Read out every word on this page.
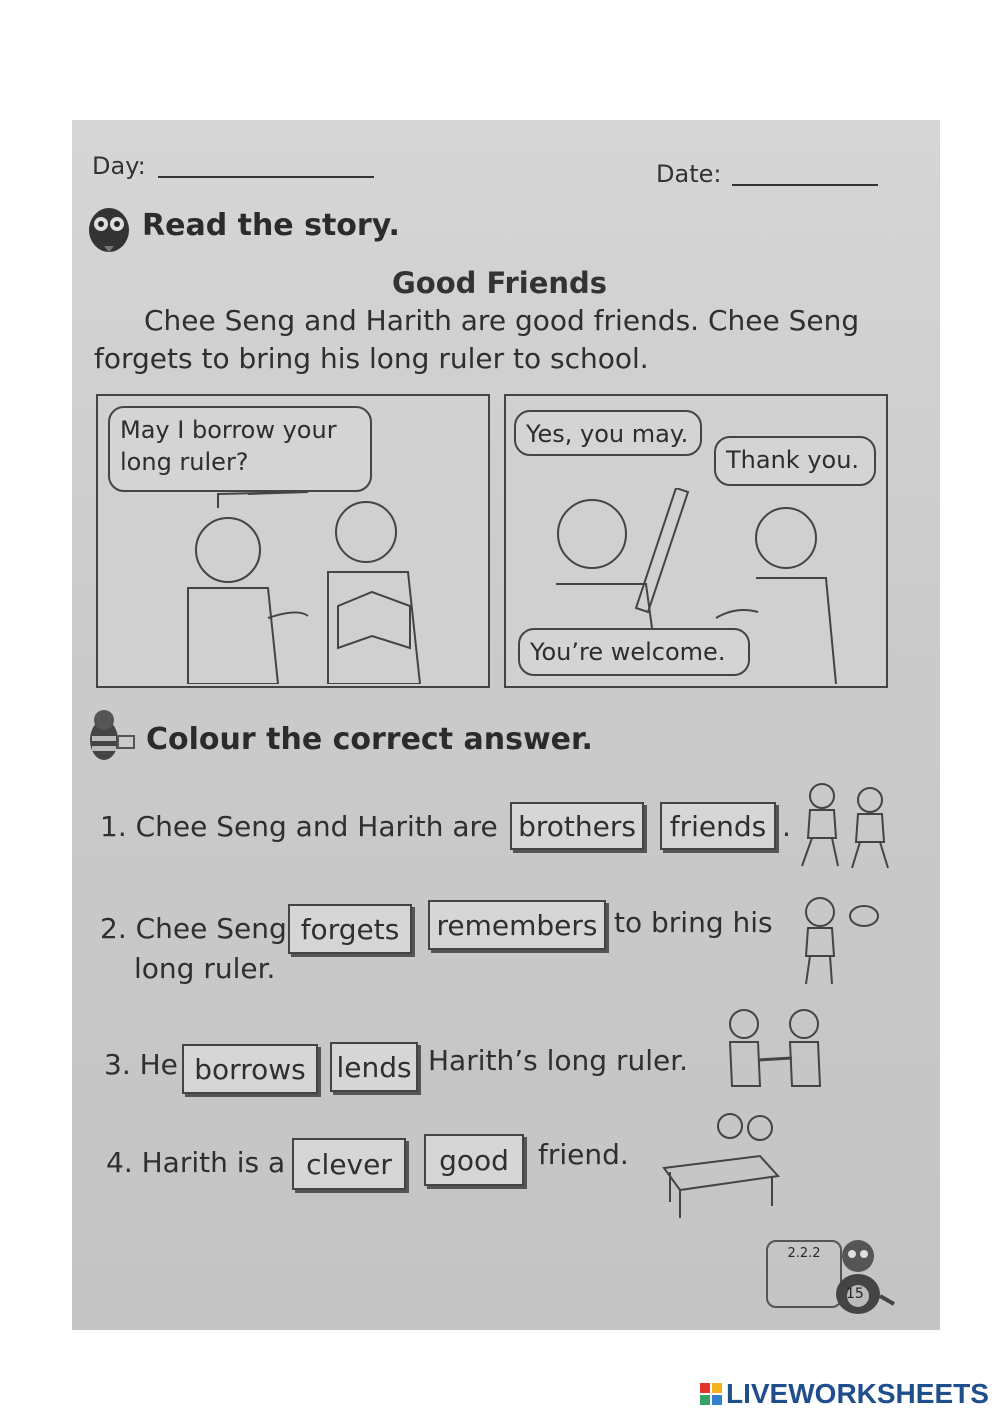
Day:	Date:
Read the story.
Good Friends
Chee Seng and Harith are good friends. Chee Seng
forgets to bring his long ruler to school.
May I borrow your
long ruler?
Yes, you may.
Thank you.
You’re welcome.
Colour the correct answer.
1. Chee Seng and Harith are brothers	friends .
2. Chee Seng forgets	remembers to bring his
long ruler.
3. He borrows	lends Harith’s long ruler.
4. Harith is a clever	good	friend.
2.2.2
15
LIVEWORKSHEETS
